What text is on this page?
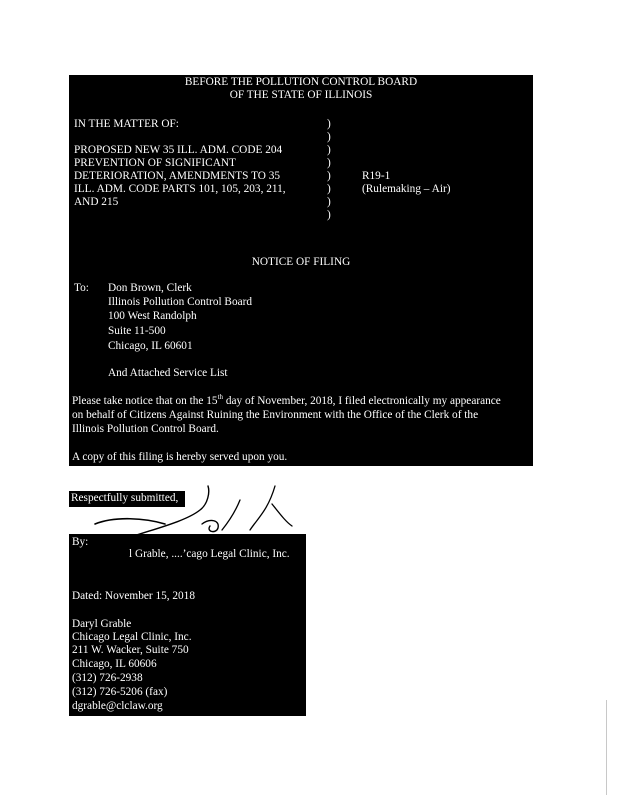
BEFORE THE POLLUTION CONTROL BOARD
OF THE STATE OF ILLINOIS
IN THE MATTER OF:
PROPOSED NEW 35 ILL. ADM. CODE 204
PREVENTION OF SIGNIFICANT
DETERIORATION, AMENDMENTS TO 35
ILL. ADM. CODE PARTS 101, 105, 203, 211,
AND 215
)
)
)
)
)
)
)
)
R19-1
(Rulemaking – Air)
NOTICE OF FILING
To: Don Brown, Clerk
Illinois Pollution Control Board
100 West Randolph
Suite 11-500
Chicago, IL 60601
And Attached Service List
Please take notice that on the 15th day of November, 2018, I filed electronically my appearance
on behalf of Citizens Against Ruining the Environment with the Office of the Clerk of the
Illinois Pollution Control Board.
A copy of this filing is hereby served upon you.
Respectfully submitted,
By:
l Grable, ....’cago Legal Clinic, Inc.
Dated: November 15, 2018
Daryl Grable
Chicago Legal Clinic, Inc.
211 W. Wacker, Suite 750
Chicago, IL 60606
(312) 726-2938
(312) 726-5206 (fax)
dgrable@clclaw.org
